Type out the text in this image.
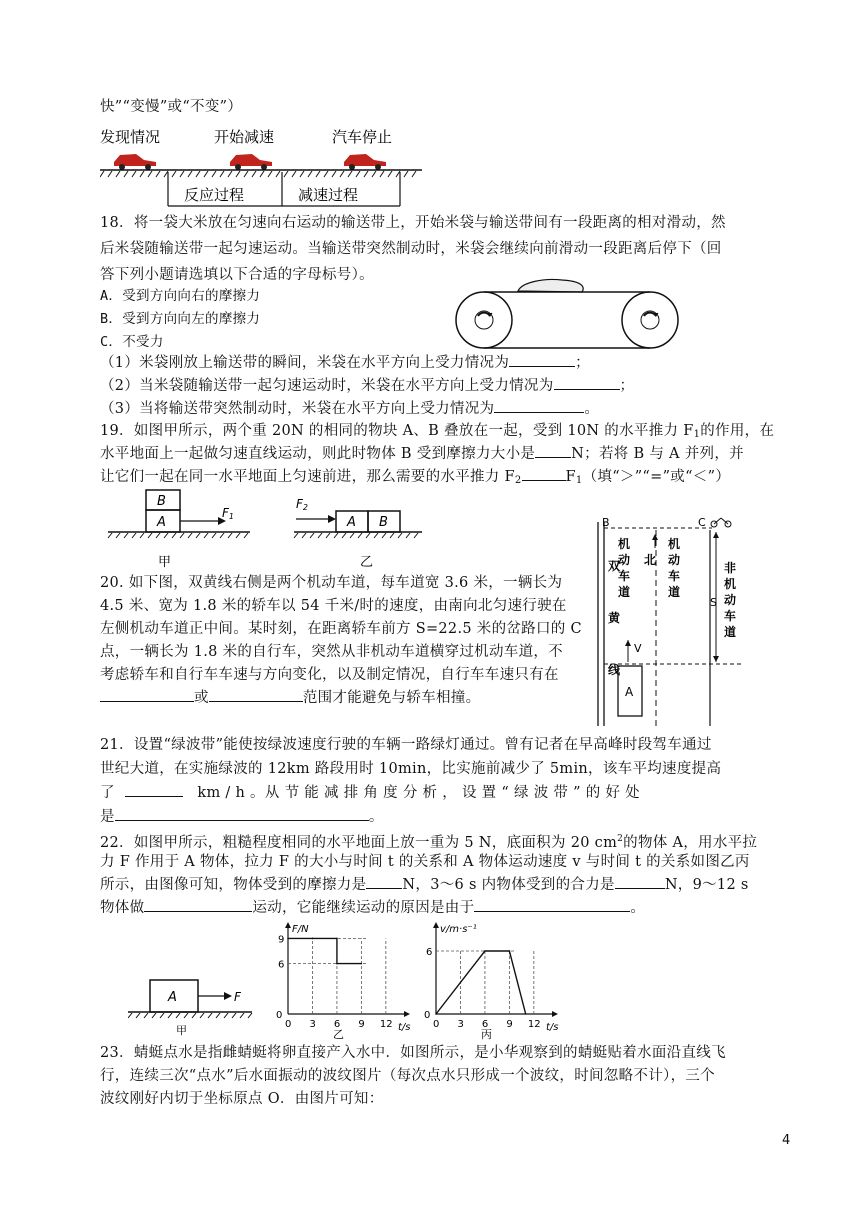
快”“变慢”或“不变”）
发现情况	开始减速	汽车停止
反应过程	减速过程
18．将一袋大米放在匀速向右运动的输送带上，开始米袋与输送带间有一段距离的相对滑动，然
后米袋随输送带一起匀速运动。当输送带突然制动时，米袋会继续向前滑动一段距离后停下（回
答下列小题请选填以下合适的字母标号）。
A．受到方向向右的摩擦力
B．受到方向向左的摩擦力
C．不受力
（1）米袋刚放上输送带的瞬间，米袋在水平方向上受力情况为	；
（2）当米袋随输送带一起匀速运动时，米袋在水平方向上受力情况为	；
（3）当将输送带突然制动时，米袋在水平方向上受力情况为	。
19．如图甲所示，两个重 20N 的相同的物块 A、B 叠放在一起，受到 10N 的水平推力 $F_1$的作用，在
水平地面上一起做匀速直线运动，则此时物体 B 受到摩擦力大小是 N；若将 B 与 A 并列，并
让它们一起在同一水平地面上匀速前进，那么需要的水平推力 $F_2$	$F_1$（填“＞”“=”或“＜”）
B
A
F1
甲
F2
A B
乙
B	C
双
黄
线
机
动
车
道
北
机
动
车
道
非
机
动
车
道
S
V
A
20. 如下图，双黄线右侧是两个机动车道，每车道宽 3.6 米，一辆长为
4.5 米、宽为 1.8 米的轿车以 54 千米/时的速度，由南向北匀速行驶在
左侧机动车道正中间。某时刻，在距离轿车前方 S=22.5 米的岔路口的 C
点，一辆长为 1.8 米的自行车，突然从非机动车道横穿过机动车道，不
考虑轿车和自行车车速与方向变化，以及制定情况，自行车车速只有在
或	范围才能避免与轿车相撞。
21．设置“绿波带”能使按绿波速度行驶的车辆一路绿灯通过。曾有记者在早高峰时段驾车通过
世纪大道，在实施绿波的 12km 路段用时 10min，比实施前减少了 5min，该车平均速度提高
了	km / h 。从 节 能 减 排 角 度 分 析 ， 设 置 “ 绿 波 带 ” 的 好 处
是	。
22．如图甲所示，粗糙程度相同的水平地面上放一重为 5 N，底面积为 20 $cm^2$的物体 A，用水平拉
力 F 作用于 A 物体，拉力 F 的大小与时间 t 的关系和 A 物体运动速度 v 与时间 t 的关系如图乙丙
所示，由图像可知，物体受到的摩擦力是 N，3～6 s 内物体受到的合力是	N，9～12 s
物体做	运动，它能继续运动的原因是由于	。
A	F
甲
F/N
t/s
0 3 6 9 12
6
9
乙
0
v/m·s⁻¹
t/s
0 3 6 9 12
6
丙
0
23．蜻蜓点水是指雌蜻蜓将卵直接产入水中．如图所示，是小华观察到的蜻蜓贴着水面沿直线飞
行，连续三次“点水”后水面振动的波纹图片（每次点水只形成一个波纹，时间忽略不计），三个
波纹刚好内切于坐标原点 O．由图片可知：
4
